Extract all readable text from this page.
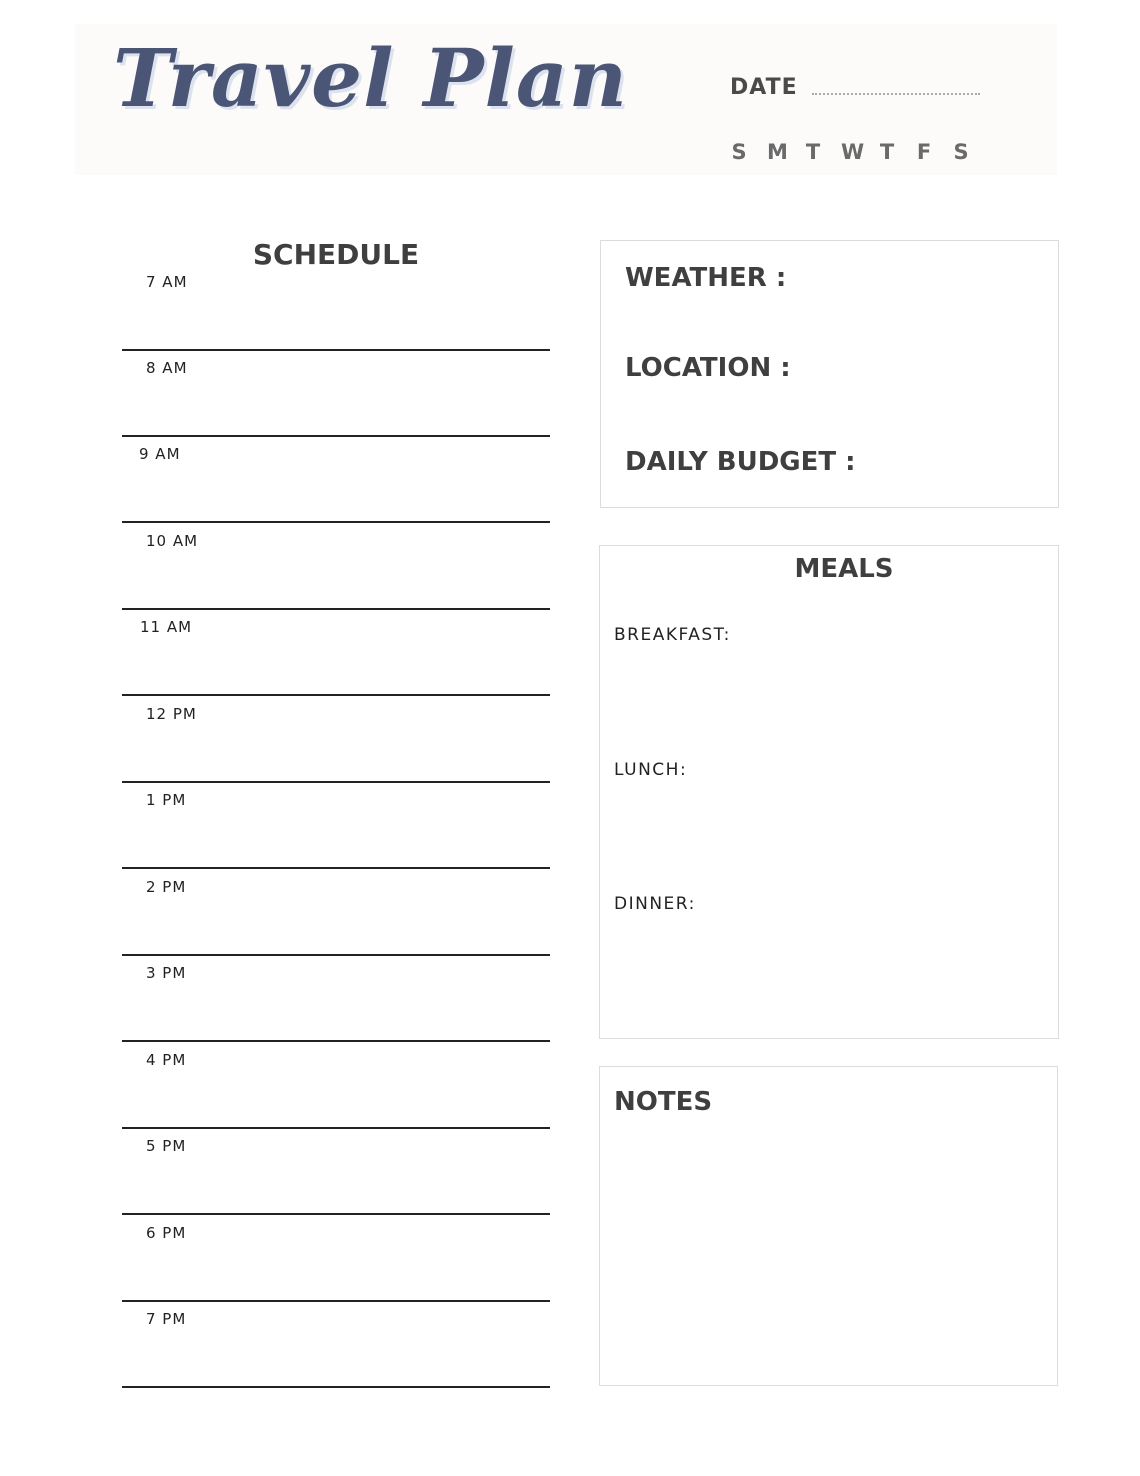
Travel Plan	DATE
S M T W T F S
SCHEDULE
7 AM
8 AM
9 AM
10 AM
11 AM
12 PM
1 PM
2 PM
3 PM
4 PM
5 PM
6 PM
7 PM
WEATHER :
LOCATION :
DAILY BUDGET :
MEALS
BREAKFAST:
LUNCH:
DINNER:
NOTES
